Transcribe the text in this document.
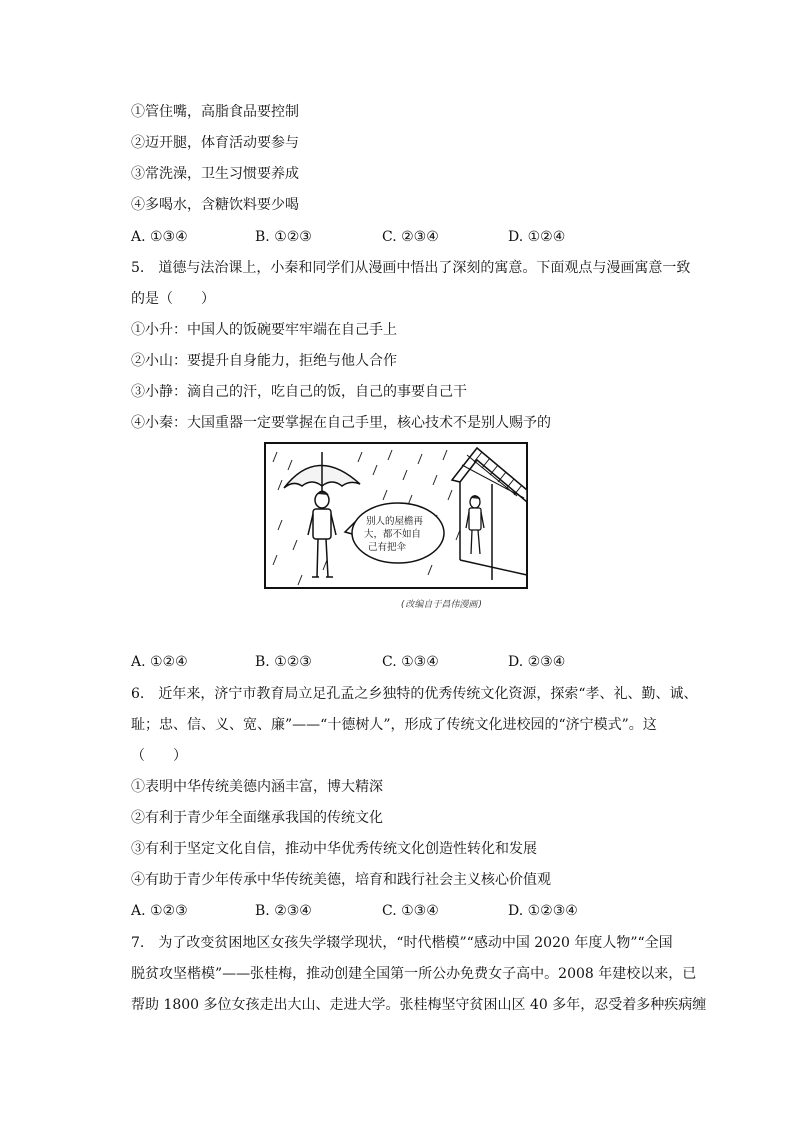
①管住嘴，高脂食品要控制
②迈开腿，体育活动要参与
③常洗澡，卫生习惯要养成
④多喝水，含糖饮料要少喝
A. ①③④	B. ①②③	C. ②③④	D. ①②④
5.　道德与法治课上，小秦和同学们从漫画中悟出了深刻的寓意。下面观点与漫画寓意一致
的是（　　）
①小升：中国人的饭碗要牢牢端在自己手上
②小山：要提升自身能力，拒绝与他人合作
③小静：滴自己的汗，吃自己的饭，自己的事要自己干
④小秦：大国重器一定要掌握在自己手里，核心技术不是别人赐予的
别人的屋檐再
大，都不如自
己有把伞
(改编自于昌伟漫画)
A. ①②④	B. ①②③	C. ①③④	D. ②③④
6.　近年来，济宁市教育局立足孔孟之乡独特的优秀传统文化资源，探索“孝、礼、勤、诚、
耻；忠、信、义、宽、廉”——“十德树人”，形成了传统文化进校园的“济宁模式”。这
（　　）
①表明中华传统美德内涵丰富，博大精深
②有利于青少年全面继承我国的传统文化
③有利于坚定文化自信，推动中华优秀传统文化创造性转化和发展
④有助于青少年传承中华传统美德，培育和践行社会主义核心价值观
A. ①②③	B. ②③④	C. ①③④	D. ①②③④
7.　为了改变贫困地区女孩失学辍学现状，“时代楷模”“感动中国 2020 年度人物”“全国
脱贫攻坚楷模”——张桂梅，推动创建全国第一所公办免费女子高中。2008 年建校以来，已
帮助 1800 多位女孩走出大山、走进大学。张桂梅坚守贫困山区 40 多年，忍受着多种疾病缠
